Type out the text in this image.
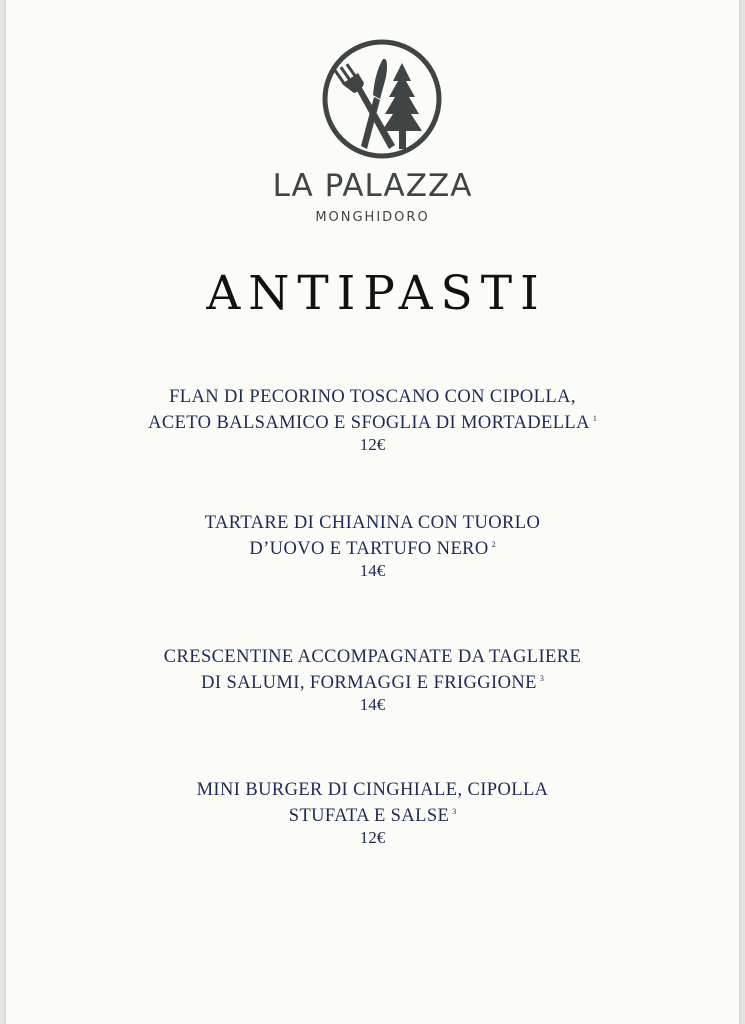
LA PALAZZA
MONGHIDORO
ANTIPASTI
FLAN DI PECORINO TOSCANO CON CIPOLLA,
ACETO BALSAMICO E SFOGLIA DI MORTADELLA $^1$
12€
TARTARE DI CHIANINA CON TUORLO
D’UOVO E TARTUFO NERO $^2$
14€
CRESCENTINE ACCOMPAGNATE DA TAGLIERE
DI SALUMI, FORMAGGI E FRIGGIONE $^3$
14€
MINI BURGER DI CINGHIALE, CIPOLLA
STUFATA E SALSE $^3$
12€
